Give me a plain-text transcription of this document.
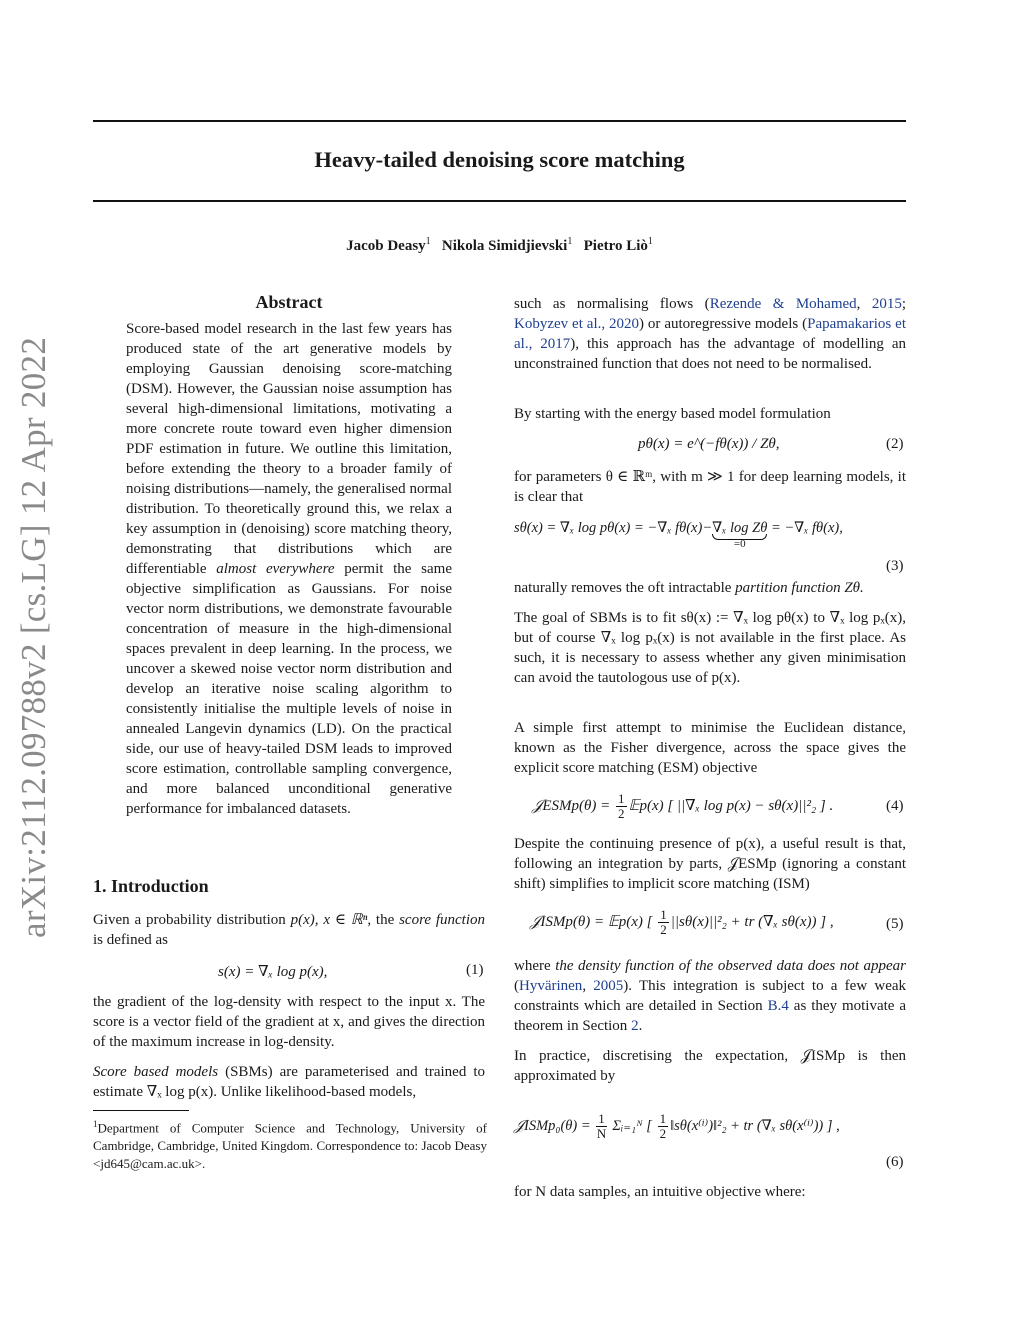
arXiv:2112.09788v2 [cs.LG] 12 Apr 2022
Heavy-tailed denoising score matching
Jacob Deasy$^1$ Nikola Simidjievski$^1$ Pietro Liò$^1$
Abstract
Score-based model research in the last few years has produced state of the art generative models by employing Gaussian denoising score-matching (DSM). However, the Gaussian noise assumption has several high-dimensional limitations, motivating a more concrete route toward even higher dimension PDF estimation in future. We outline this limitation, before extending the theory to a broader family of noising distributions—namely, the generalised normal distribution. To theoretically ground this, we relax a key assumption in (denoising) score matching theory, demonstrating that distributions which are differentiable almost everywhere permit the same objective simplification as Gaussians. For noise vector norm distributions, we demonstrate favourable concentration of measure in the high-dimensional spaces prevalent in deep learning. In the process, we uncover a skewed noise vector norm distribution and develop an iterative noise scaling algorithm to consistently initialise the multiple levels of noise in annealed Langevin dynamics (LD). On the practical side, our use of heavy-tailed DSM leads to improved score estimation, controllable sampling convergence, and more balanced unconditional generative performance for imbalanced datasets.
1. Introduction

Given a probability distribution p(x), x ∈ ℝⁿ, the score function is defined as

s(x) = ∇ₓ log p(x),	(1)

the gradient of the log-density with respect to the input x. The score is a vector field of the gradient at x, and gives the direction of the maximum increase in log-density.

Score based models (SBMs) are parameterised and trained to estimate ∇ₓ log p(x). Unlike likelihood-based models,

$^1$Department of Computer Science and Technology, University of Cambridge, Cambridge, United Kingdom. Correspondence to: Jacob Deasy <jd645@cam.ac.uk>.

such as normalising flows (Rezende & Mohamed, 2015; Kobyzev et al., 2020) or autoregressive models (Papamakarios et al., 2017), this approach has the advantage of modelling an unconstrained function that does not need to be normalised.

By starting with the energy based model formulation

pθ(x) = e^(−fθ(x)) / Zθ,	(2)

for parameters θ ∈ ℝᵐ, with m ≫ 1 for deep learning models, it is clear that

sθ(x) = ∇ₓ log pθ(x) = −∇ₓ fθ(x)−∇ₓ log Zθ
=0
= −∇ₓ fθ(x),
(3)

naturally removes the oft intractable partition function Zθ.

The goal of SBMs is to fit sθ(x) := ∇ₓ log pθ(x) to ∇ₓ log pₓ(x), but of course ∇ₓ log pₓ(x) is not available in the first place. As such, it is necessary to assess whether any given minimisation can avoid the tautologous use of p(x).

A simple first attempt to minimise the Euclidean distance, known as the Fisher divergence, across the space gives the explicit score matching (ESM) objective

𝒥ESMp(θ) = $\frac{1}{2}$ 𝔼p(x) [ ||∇ₓ log p(x) − sθ(x)||²₂ ] .	(4)

Despite the continuing presence of p(x), a useful result is that, following an integration by parts, 𝒥ESMp (ignoring a constant shift) simplifies to implicit score matching (ISM)

𝒥ISMp(θ) = 𝔼p(x) [ $\frac{1}{2} ||s\theta(x)||^2_2$ + tr (∇ₓ sθ(x)) ] ,	(5)

where the density function of the observed data does not appear (Hyvärinen, 2005). This integration is subject to a few weak constraints which are detailed in Section B.4 as they motivate a theorem in Section 2.

In practice, discretising the expectation, 𝒥ISMp is then approximated by

𝒥ISMp₀(θ) = $\frac{1}{N}$ Σᵢ₌₁ᴺ [ $\frac{1}{2}$ ‖sθ(x⁽ⁱ⁾)‖²₂ + tr (∇ₓ sθ(x⁽ⁱ⁾)) ] ,
(6)

for N data samples, an intuitive objective where:
